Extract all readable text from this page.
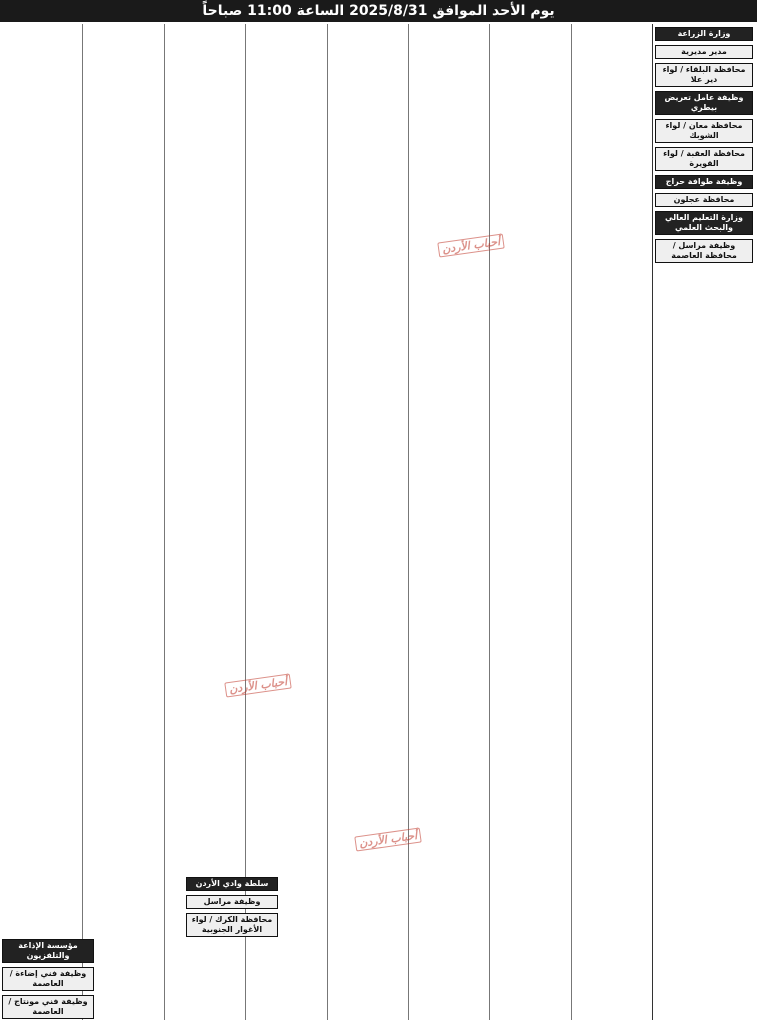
يوم الأحد الموافق 2025/8/31 الساعة 11:00 صباحاً
وزارة الزراعة
مدير مديرية
محافظة البلقاء / لواء دير علا
وظيفة عامل تعريض بيطري
محافظة معان / لواء الشوبك
محافظة العقبة / لواء القويرة
وظيفة طوافة حراج
محافظة عجلون
وزارة التعليم العالي والبحث العلمي
وظيفة مراسل / محافظة العاصمة
أحباب الأردن
أحباب الأردن
أحباب الأردن
سلطة وادي الأردن
وظيفة مراسل
محافظة الكرك / لواء الأغوار الجنوبية
مؤسسة الإذاعة والتلفزيون
وظيفة فني إضاءة / العاصمة
وظيفة فني مونتاج / العاصمة
